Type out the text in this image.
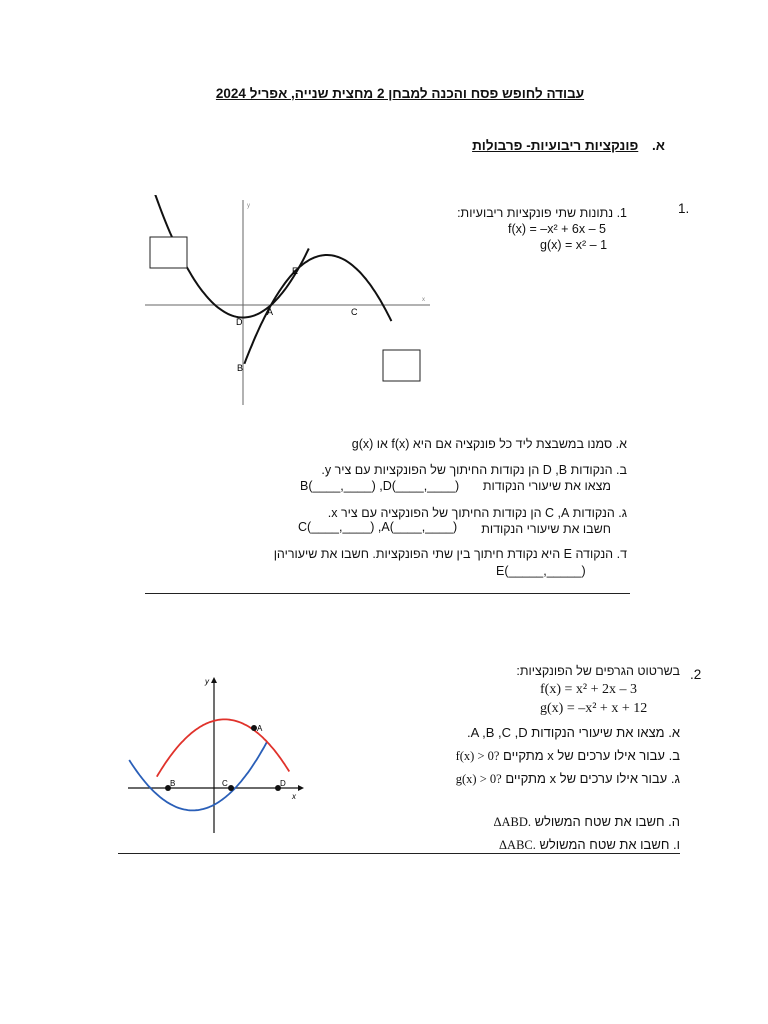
עבודה לחופש פסח והכנה למבחן 2 מחצית שנייה, אפריל 2024
א. פונקציות ריבועיות- פרבולות
1.
1. נתונות שתי פונקציות ריבועיות:
f(x) = –x² + 6x – 5
g(x) = x² – 1
x
y
D
A	C
B
E
א. סמנו במשבצת ליד כל פונקציה אם היא f(x) או g(x)
ב. הנקודות D ,B הן נקודות החיתוך של הפונקציות עם ציר y.
מצאו את שיעורי הנקודות
B(____,____) ,D(____,____)
ג. הנקודות C ,A הן נקודות החיתוך של הפונקציה עם ציר x.
חשבו את שיעורי הנקודות
C(____,____) ,A(____,____)
ד. הנקודה E היא נקודת חיתוך בין שתי הפונקציות. חשבו את שיעוריהן
E(_____,_____)
.2
בשרטוט הגרפים של הפונקציות:
f(x) = x² + 2x – 3
g(x) = –x² + x + 12
x
y
A
B	C	D
א. מצאו את שיעורי הנקודות A ,B ,C ,D.
ב. עבור אילו ערכים של x מתקיים f(x) > 0?
ג. עבור אילו ערכים של x מתקיים g(x) > 0?
ה. חשבו את שטח המשולש ΔABD.
ו. חשבו את שטח המשולש ΔABC.
